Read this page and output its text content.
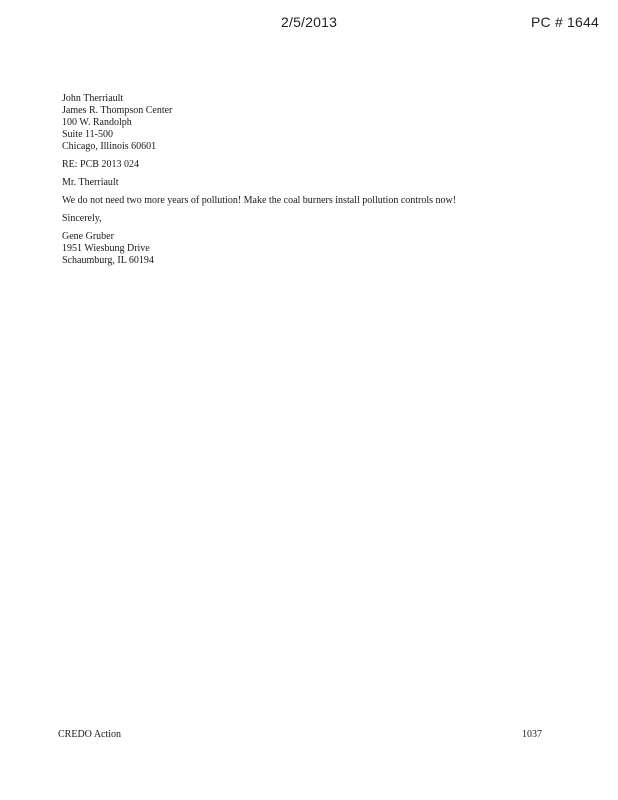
2/5/2013	PC # 1644
John Therriault
James R. Thompson Center
100 W. Randolph
Suite 11-500
Chicago, Illinois 60601
RE: PCB 2013 024
Mr. Therriault
We do not need two more years of pollution! Make the coal burners install pollution controls now!
Sincerely,
Gene Gruber
1951 Wiesbung Drive
Schaumburg, IL 60194
CREDO Action	1037
